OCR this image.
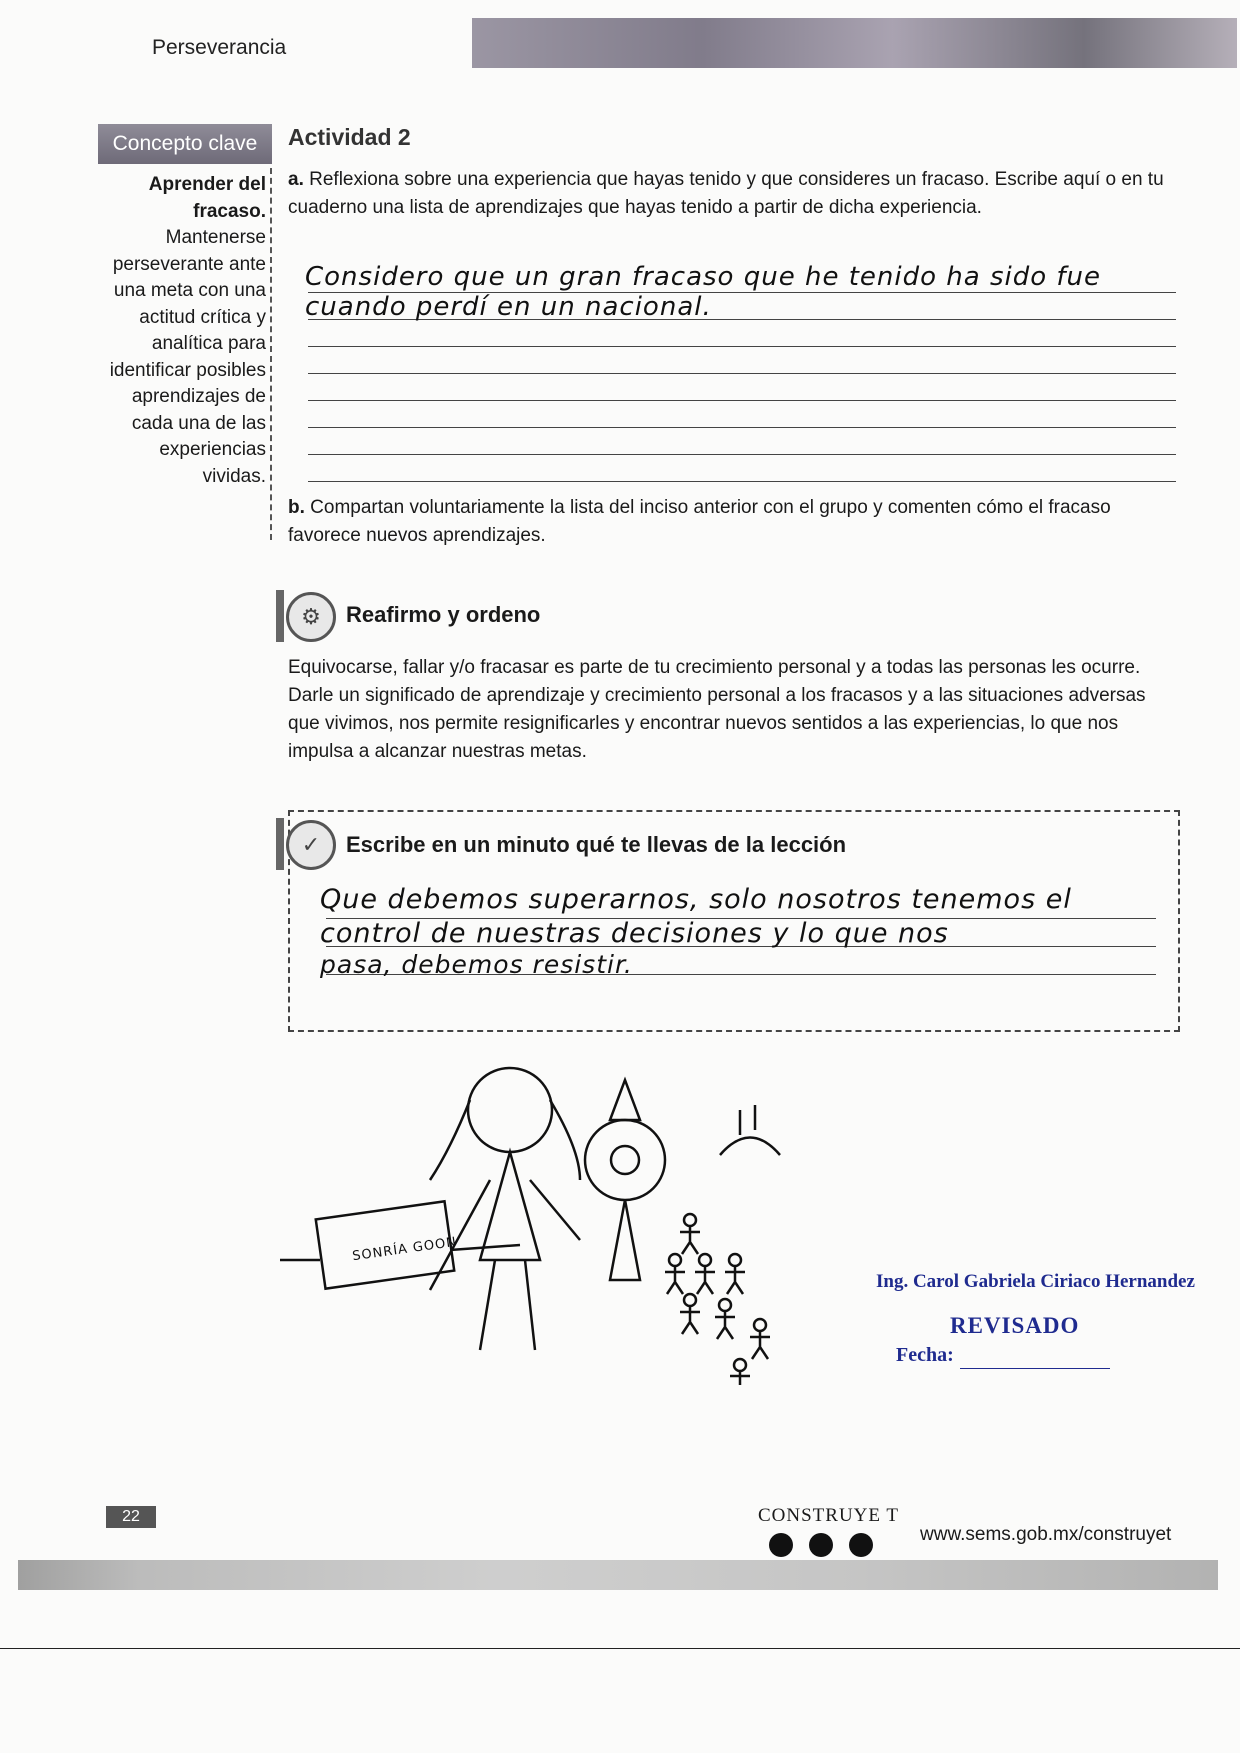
Perseverancia
Concepto clave
Aprender del fracaso. Mantenerse perseverante ante una meta con una actitud crítica y analítica para identificar posibles aprendizajes de cada una de las experiencias vividas.
Actividad 2
a. Reflexiona sobre una experiencia que hayas tenido y que consideres un fracaso. Escribe aquí o en tu cuaderno una lista de aprendizajes que hayas tenido a partir de dicha experiencia.
Considero que un gran fracaso que he tenido ha sido fue
cuando perdí en un nacional.
b. Compartan voluntariamente la lista del inciso anterior con el grupo y comenten cómo el fracaso favorece nuevos aprendizajes.
⚙	Reafirmo y ordeno
Equivocarse, fallar y/o fracasar es parte de tu crecimiento personal y a todas las personas les ocurre. Darle un significado de aprendizaje y crecimiento personal a los fracasos y a las situaciones adversas que vivimos, nos permite resignificarles y encontrar nuevos sentidos a las experiencias, lo que nos impulsa a alcanzar nuestras metas.
✓	Escribe en un minuto qué te llevas de la lección
Que debemos superarnos, solo nosotros tenemos el
control de nuestras decisiones y lo que nos
pasa, debemos resistir.
SONRÍA GOON
Ing. Carol Gabriela Ciriaco Hernandez
REVISADO
Fecha:
22	CONSTRUYE T
www.sems.gob.mx/construyet
